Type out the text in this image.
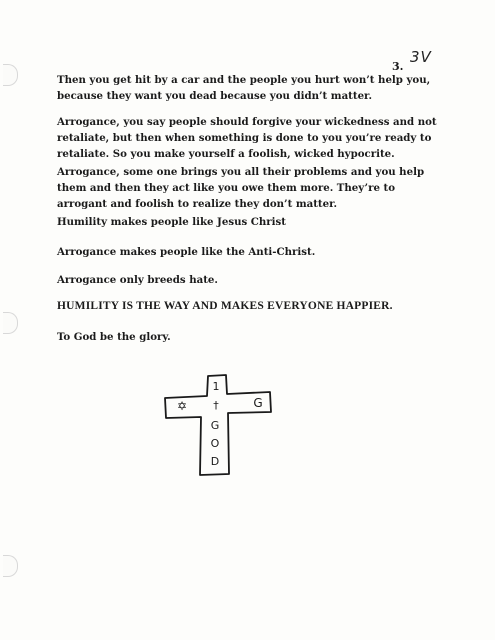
3.
3V

Then you get hit by a car and the people you hurt won’t help you, because they want you dead because you didn’t matter.

Arrogance, you say people should forgive your wickedness and not retaliate, but then when something is done to you you’re ready to retaliate. So you make yourself a foolish, wicked hypocrite.

Arrogance, some one brings you all their problems and you help them and then they act like you owe them more. They’re to arrogant and foolish to realize they don’t matter.

Humility makes people like Jesus Christ

Arrogance makes people like the Anti-Christ.

Arrogance only breeds hate.

HUMILITY IS THE WAY AND MAKES EVERYONE HAPPIER.

To God be the glory.

1
†
G
O
D
✡	G
